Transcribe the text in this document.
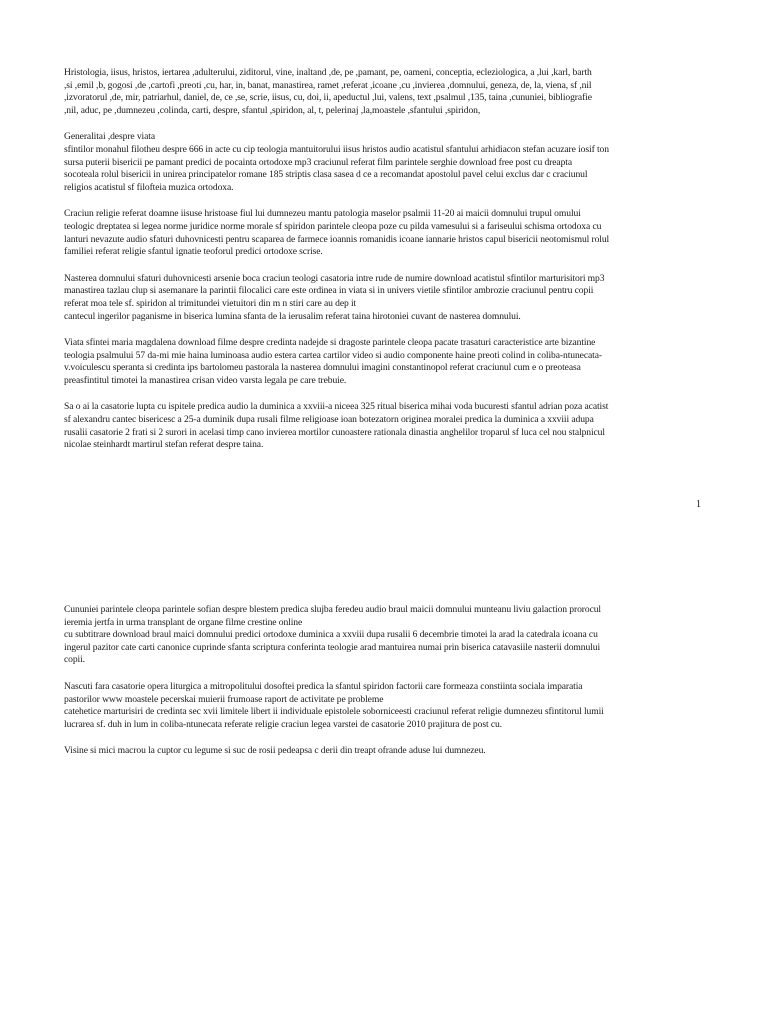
Hristologia, iisus, hristos, iertarea ,adulterului, ziditorul, vine, inaltand ,de, pe ,pamant, pe, oameni, conceptia, ecleziologica, a ,lui ,karl, barth
,si ,emil ,b, gogosi ,de ,cartofi ,preoti ,cu, har, in, banat, manastirea, ramet ,referat ,icoane ,cu ,invierea ,domnului, geneza, de, la, viena, sf ,nil
,izvoratorul ,de, mir, patriarhul, daniel, de, ce ,se, scrie, iisus, cu, doi, ii, apeductul ,lui, valens, text ,psalmul ,135, taina ,cununiei, bibliografie
,nil, aduc, pe ,dumnezeu ,colinda, carti, despre, sfantul ,spiridon, al, t, pelerinaj ,la,moastele ,sfantului ,spiridon,

Generalitai ,despre viata
sfintilor monahul filotheu despre 666 in acte cu cip teologia mantuitorului iisus hristos audio acatistul sfantului arhidiacon stefan acuzare iosif ton
sursa puterii bisericii pe pamant predici de pocainta ortodoxe mp3 craciunul referat film parintele serghie download free post cu dreapta
socoteala rolul bisericii in unirea principatelor romane 185 striptis clasa sasea d ce a recomandat apostolul pavel celui exclus dar c craciunul
religios acatistul sf filofteia muzica ortodoxa.

Craciun religie referat doamne iisuse hristoase fiul lui dumnezeu mantu patologia maselor psalmii 11-20 ai maicii domnului trupul omului
teologic dreptatea si legea norme juridice norme morale sf spiridon parintele cleopa poze cu pilda vamesului si a fariseului schisma ortodoxa cu
lanturi nevazute audio sfaturi duhovnicesti pentru scaparea de farmece ioannis romanidis icoane iannarie hristos capul bisericii neotomismul rolul
familiei referat religie sfantul ignatie teoforul predici ortodoxe scrise.

Nasterea domnului sfaturi duhovnicesti arsenie boca craciun teologi casatoria intre rude de numire download acatistul sfintilor marturisitori mp3
manastirea tazlau clup si asemanare la parintii filocalici care este ordinea in viata si in univers vietile sfintilor ambrozie craciunul pentru copii
referat moa tele sf. spiridon al trimitundei vietuitori din m n stiri care au dep it
cantecul ingerilor paganisme in biserica lumina sfanta de la ierusalim referat taina hirotoniei cuvant de nasterea domnului.

Viata sfintei maria magdalena download filme despre credinta nadejde si dragoste parintele cleopa pacate trasaturi caracteristice arte bizantine
teologia psalmului 57 da-mi mie haina luminoasa audio estera cartea cartilor video si audio componente haine preoti colind in coliba-ntunecata-
v.voiculescu speranta si credinta ips bartolomeu pastorala la nasterea domnului imagini constantinopol referat craciunul cum e o preoteasa
preasfintitul timotei la manastirea crisan video varsta legala pe care trebuie.

Sa o ai la casatorie lupta cu ispitele predica audio la duminica a xxviii-a niceea 325 ritual biserica mihai voda bucuresti sfantul adrian poza acatist
sf alexandru cantec bisericesc a 25-a duminik dupa rusali filme religioase ioan botezatorn originea moralei predica la duminica a xxviii adupa
rusalii casatorie 2 frati si 2 surori in acelasi timp cano invierea mortilor cunoastere rationala dinastia anghelilor troparul sf luca cel nou stalpnicul
nicolae steinhardt martirul stefan referat despre taina.

1

Cununiei parintele cleopa parintele sofian despre blestem predica slujba feredeu audio braul maicii domnului munteanu liviu galaction prorocul
ieremia jertfa in urma transplant de organe filme crestine online
cu subtitrare download braul maici domnului predici ortodoxe duminica a xxviii dupa rusalii 6 decembrie timotei la arad la catedrala icoana cu
ingerul pazitor cate carti canonice cuprinde sfanta scriptura conferinta teologie arad mantuirea numai prin biserica catavasiile nasterii domnului
copii.

Nascuti fara casatorie opera liturgica a mitropolitului dosoftei predica la sfantul spiridon factorii care formeaza constiinta sociala imparatia
pastorilor www moastele pecerskai muierii frumoase raport de activitate pe probleme
catehetice marturisiri de credinta sec xvii limitele libert ii individuale epistolele soborniceesti craciunul referat religie dumnezeu sfintitorul lumii
lucrarea sf. duh in lum in coliba-ntunecata referate religie craciun legea varstei de casatorie 2010 prajitura de post cu.

Visine si mici macrou la cuptor cu legume si suc de rosii pedeapsa c derii din treapt ofrande aduse lui dumnezeu.
